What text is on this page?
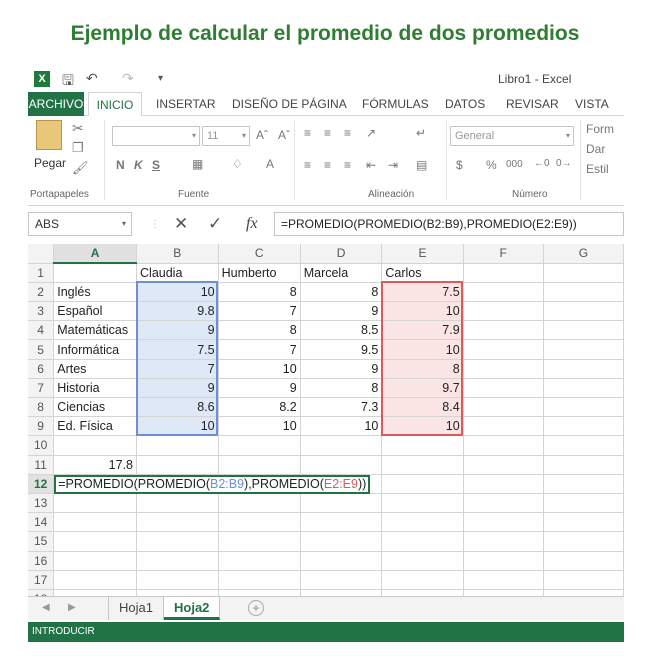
Ejemplo de calcular el promedio de dos promedios
X	🖫 ↶ ↷ ▾	Libro1 - Excel
ARCHIVO	INICIO	INSERTAR DISEÑO DE PÁGINA FÓRMULAS DATOS REVISAR VISTA
✂
❐
🖌
Pegar
Portapapeles
▾	11	▾ Aˆ Aˇ
N K S	▦ ♢ A
Fuente
≡ ≡ ≡ ↗	↵
≡ ≡ ≡ ⇤ ⇥ ▤
Alineación
General	▾
$ % 000 ←0 0→
Número
Form
Dar
Estil
ABS	▾ ⋮ ✕ ✓ fx	=PROMEDIO(PROMEDIO(B2:B9),PROMEDIO(E2:E9))
	A	B	C	D	E	F	G
1		Claudia	Humberto	Marcela	Carlos		
2	Inglés	10	8	8	7.5		
3	Español	9.8	7	9	10		
4	Matemáticas	9	8	8.5	7.9		
5	Informática	7.5	7	9.5	10		
6	Artes	7	10	9	8		
7	Historia	9	9	8	9.7		
8	Ciencias	8.6	8.2	7.3	8.4		
9	Ed. Física	10	10	10	10		
10							
11	17.8						
12	=PROMEDIO(PROMEDIO(B2:B9),PROMEDIO(E2:E9))						

13							
14							
15							
16							
17							

◀ ▶	Hoja1	Hoja2	+
INTRODUCIR
